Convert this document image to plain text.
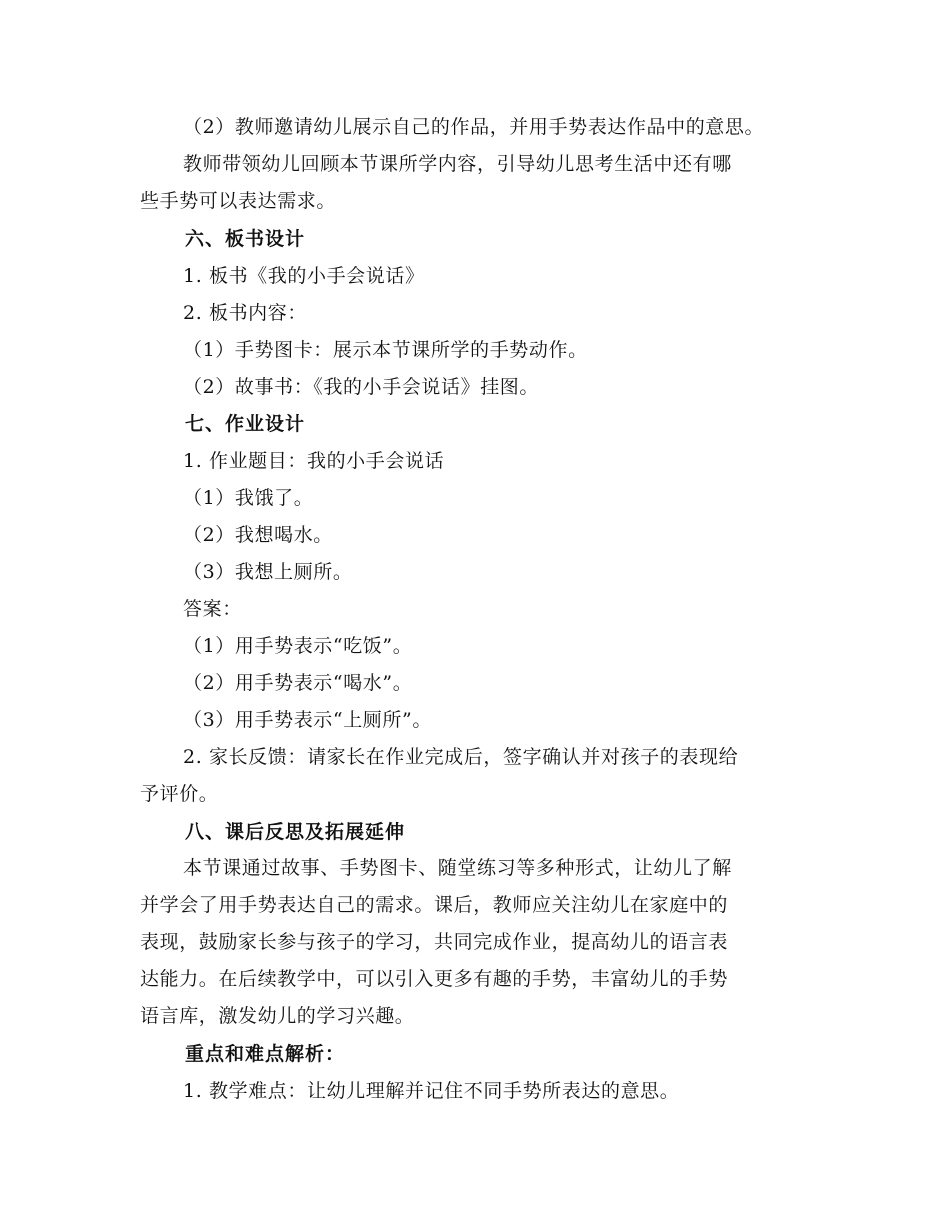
（2）教师邀请幼儿展示自己的作品，并用手势表达作品中的意思。
教师带领幼儿回顾本节课所学内容，引导幼儿思考生活中还有哪
些手势可以表达需求。
六、板书设计
1. 板书《我的小手会说话》
2. 板书内容：
（1）手势图卡：展示本节课所学的手势动作。
（2）故事书：《我的小手会说话》挂图。
七、作业设计
1. 作业题目：我的小手会说话
（1）我饿了。
（2）我想喝水。
（3）我想上厕所。
答案：
（1）用手势表示“吃饭”。
（2）用手势表示“喝水”。
（3）用手势表示“上厕所”。
2. 家长反馈：请家长在作业完成后，签字确认并对孩子的表现给
予评价。
八、课后反思及拓展延伸
本节课通过故事、手势图卡、随堂练习等多种形式，让幼儿了解
并学会了用手势表达自己的需求。课后，教师应关注幼儿在家庭中的
表现，鼓励家长参与孩子的学习，共同完成作业，提高幼儿的语言表
达能力。在后续教学中，可以引入更多有趣的手势，丰富幼儿的手势
语言库，激发幼儿的学习兴趣。
重点和难点解析：
1. 教学难点：让幼儿理解并记住不同手势所表达的意思。
